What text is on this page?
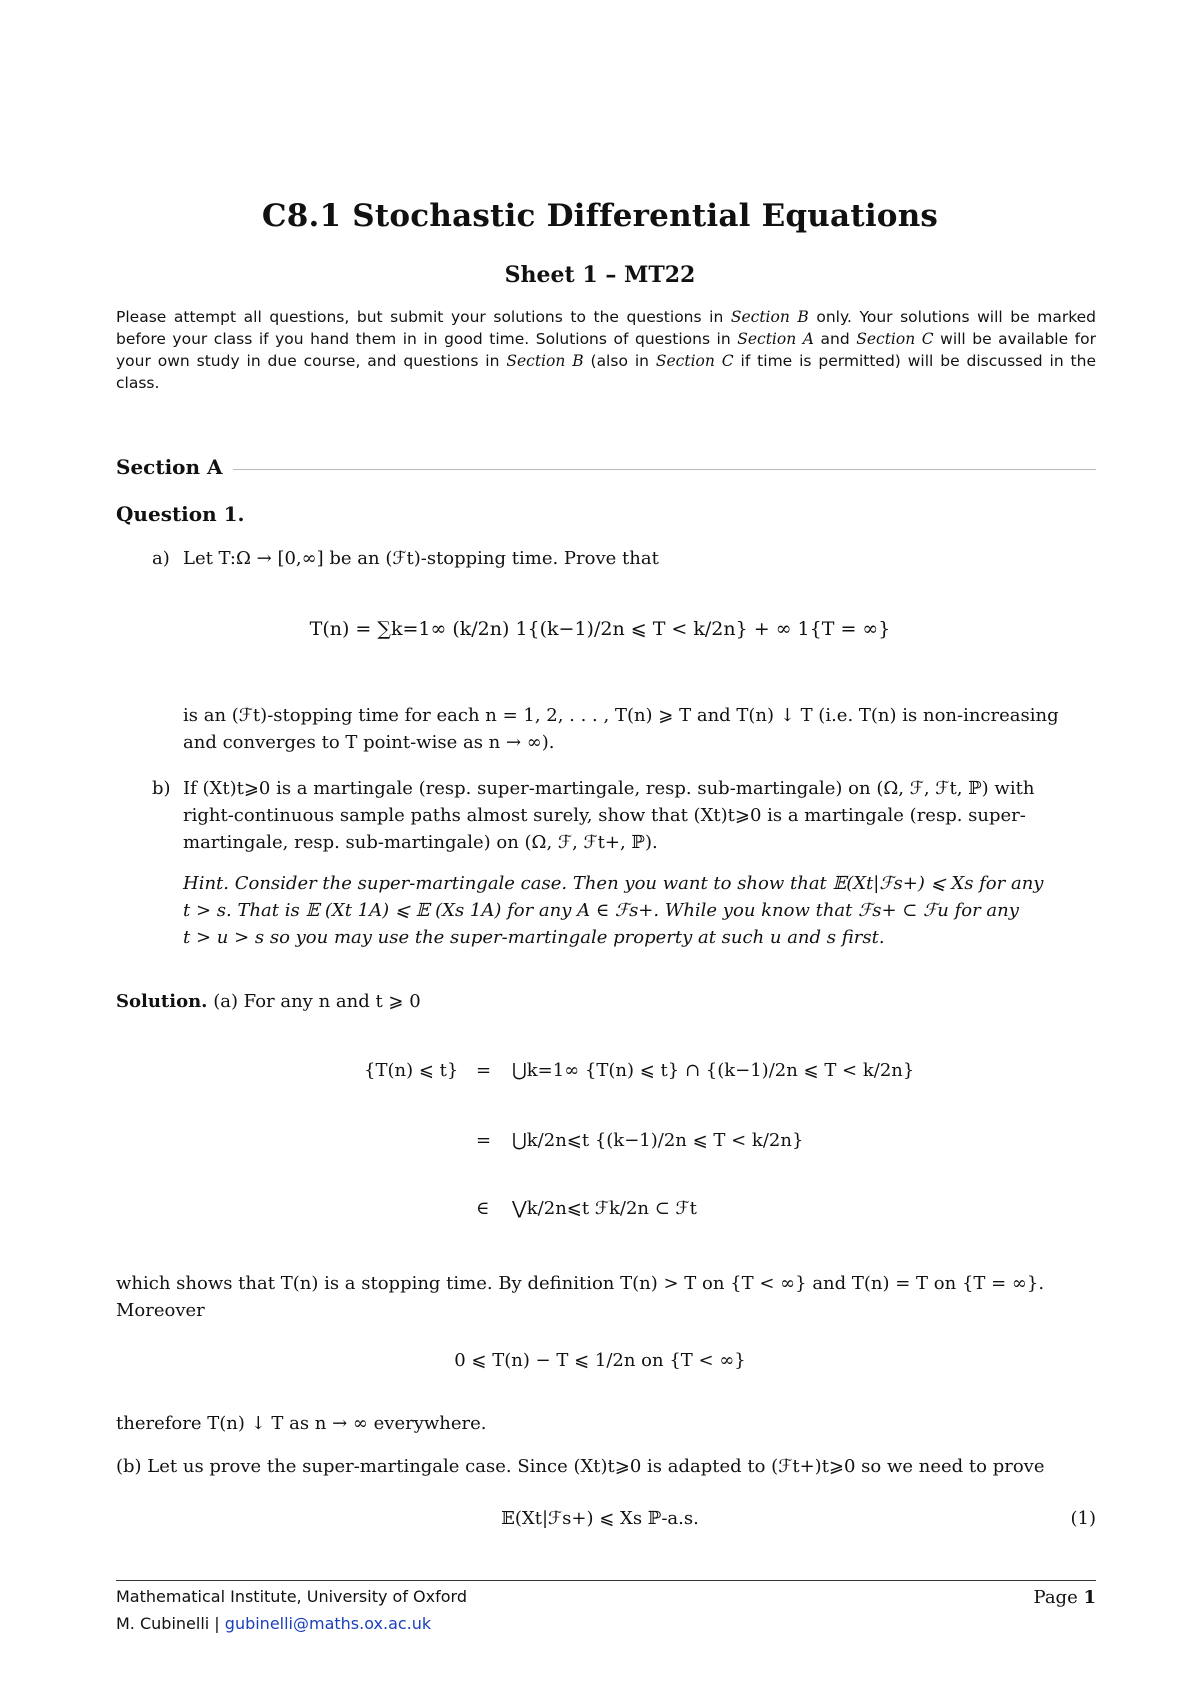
C8.1 Stochastic Differential Equations
Sheet 1 – MT22
Please attempt all questions, but submit your solutions to the questions in Section B only. Your solutions will be marked before your class if you hand them in in good time. Solutions of questions in Section A and Section C will be available for your own study in due course, and questions in Section B (also in Section C if time is permitted) will be discussed in the class.
Section A
Question 1.
a) Let T:Ω → [0,∞] be an (ℱt)-stopping time. Prove that
T(n) = ∑k=1∞ (k/2n) 1{(k−1)/2n ⩽ T < k/2n} + ∞ 1{T = ∞}
is an (ℱt)-stopping time for each n = 1, 2, . . . , T(n) ⩾ T and T(n) ↓ T (i.e. T(n) is non-increasing
and converges to T point-wise as n → ∞).
b) If (Xt)t⩾0 is a martingale (resp. super-martingale, resp. sub-martingale) on (Ω, ℱ, ℱt, ℙ) with
right-continuous sample paths almost surely, show that (Xt)t⩾0 is a martingale (resp. super-
martingale, resp. sub-martingale) on (Ω, ℱ, ℱt+, ℙ).
Hint. Consider the super-martingale case. Then you want to show that 𝔼(Xt|ℱs+) ⩽ Xs for any
t > s. That is 𝔼 (Xt 1A) ⩽ 𝔼 (Xs 1A) for any A ∈ ℱs+. While you know that ℱs+ ⊂ ℱu for any
t > u > s so you may use the super-martingale property at such u and s first.
Solution. (a) For any n and t ⩾ 0
{T(n) ⩽ t} = ⋃k=1∞ {T(n) ⩽ t} ∩ {(k−1)/2n ⩽ T < k/2n}
= ⋃k/2n⩽t {(k−1)/2n ⩽ T < k/2n}
∈ ⋁k/2n⩽t ℱk/2n ⊂ ℱt
which shows that T(n) is a stopping time. By definition T(n) > T on {T < ∞} and T(n) = T on {T = ∞}.
Moreover
0 ⩽ T(n) − T ⩽ 1/2n on {T < ∞}
therefore T(n) ↓ T as n → ∞ everywhere.
(b) Let us prove the super-martingale case. Since (Xt)t⩾0 is adapted to (ℱt+)t⩾0 so we need to prove
𝔼(Xt|ℱs+) ⩽ Xs ℙ-a.s.	(1)
Mathematical Institute, University of Oxford
M. Cubinelli | gubinelli@maths.ox.ac.uk
Page 1
